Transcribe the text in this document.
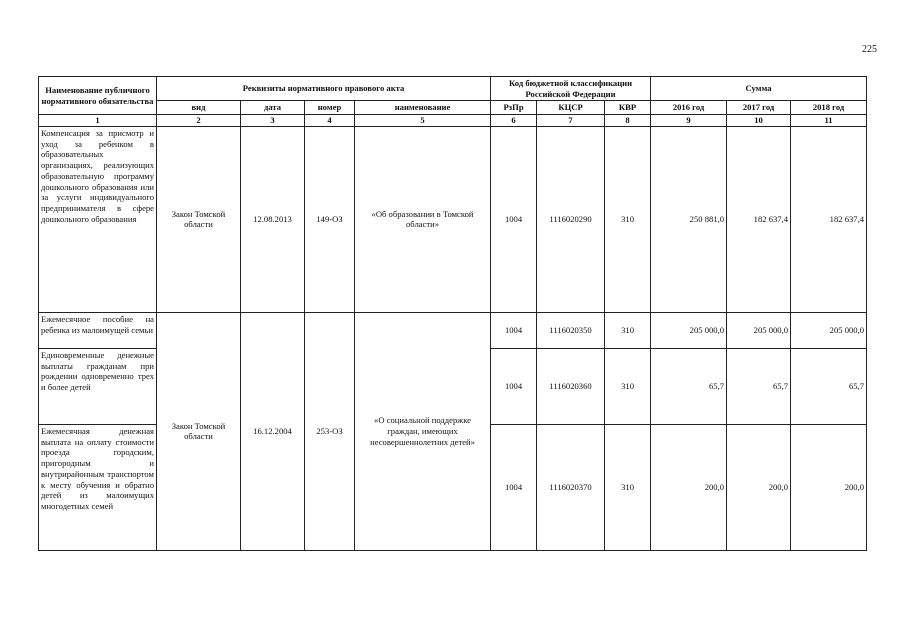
225
Наименование публичного нормативного обязательства	Реквизиты нормативного правового акта				Код бюджетной классификации Российской Федерации			Сумма		
	вид	дата	номер	наименование	РзПр	КЦСР	КВР	2016 год	2017 год	2018 год
1	2	3	4	5	6	7	8	9	10	11
Компенсация за присмотр и уход за ребенком в образовательных организациях, реализующих образовательную программу дошкольного образования или за услуги индивидуального предпринимателя в сфере дошкольного образования	Закон Томской области	12.08.2013	149-ОЗ	«Об образовании в Томской области»	1004	1116020290	310	250 881,0	182 637,4	182 637,4
Ежемесячное пособие на ребенка из малоимущей семьи	Закон Томской области	16.12.2004	253-ОЗ	«О социальной поддержке граждан, имеющих несовершеннолетних детей»	1004	1116020350	310	205 000,0	205 000,0	205 000,0
Единовременные денежные выплаты гражданам при рождении одновременно трех и более детей					1004	1116020360	310	65,7	65,7	65,7
Ежемесячная денежная выплата на оплату стоимости проезда городским, пригородным и внутрирайонным транспортом к месту обучения и обратно детей из малоимущих многодетных семей					1004	1116020370	310	200,0	200,0	200,0
